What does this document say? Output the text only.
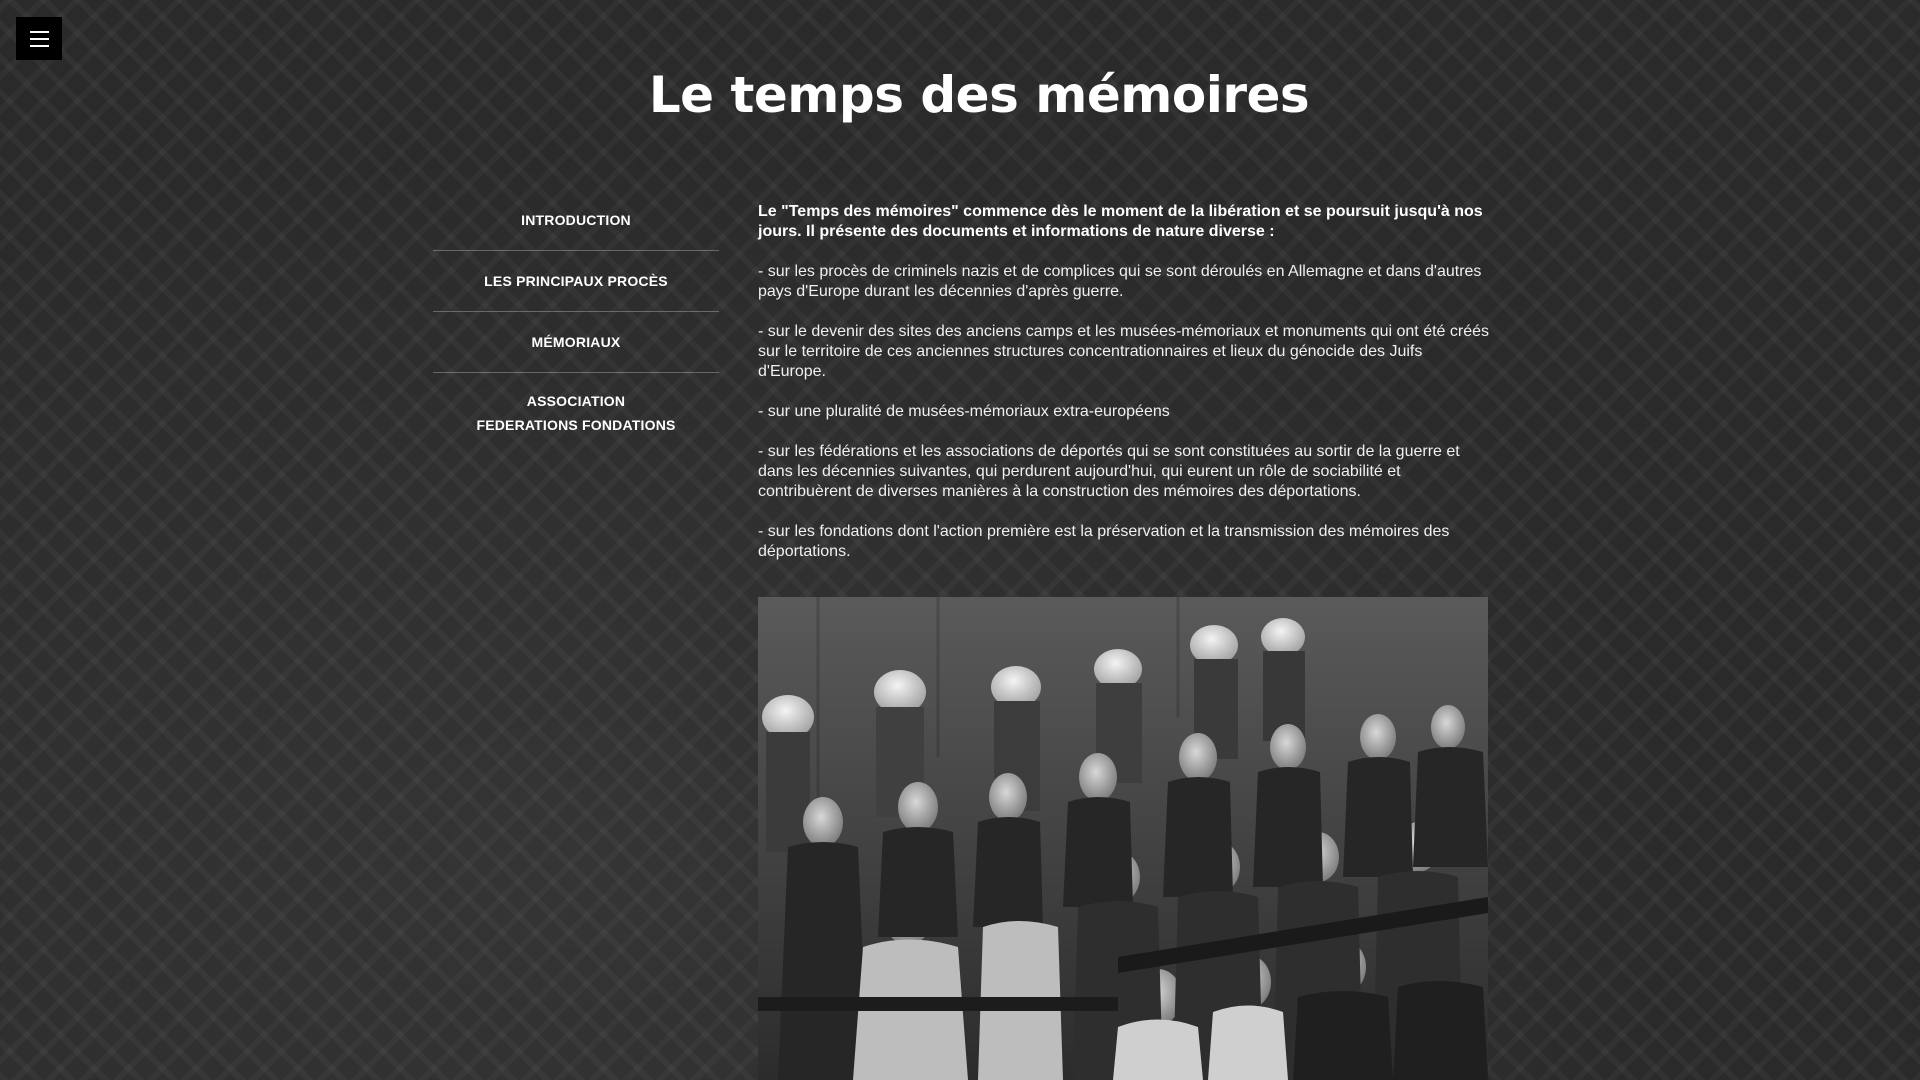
Le temps des mémoires
INTRODUCTION
LES PRINCIPAUX PROCÈS
MÉMORIAUX
ASSOCIATION
FEDERATIONS FONDATIONS

Le "Temps des mémoires" commence dès le moment de la libération et se poursuit jusqu'à nos jours. Il présente des documents et informations de nature diverse :

- sur les procès de criminels nazis et de complices qui se sont déroulés en Allemagne et dans d'autres pays d'Europe durant les décennies d'après guerre.

- sur le devenir des sites des anciens camps et les musées-mémoriaux et monuments qui ont été créés sur le territoire de ces anciennes structures concentrationnaires et lieux du génocide des Juifs d'Europe.

- sur une pluralité de musées-mémoriaux extra-européens

- sur les fédérations et les associations de déportés qui se sont constituées au sortir de la guerre et dans les décennies suivantes, qui perdurent aujourd'hui, qui eurent un rôle de sociabilité et contribuèrent de diverses manières à la construction des mémoires des déportations.

- sur les fondations dont l'action première est la préservation et la transmission des mémoires des déportations.
